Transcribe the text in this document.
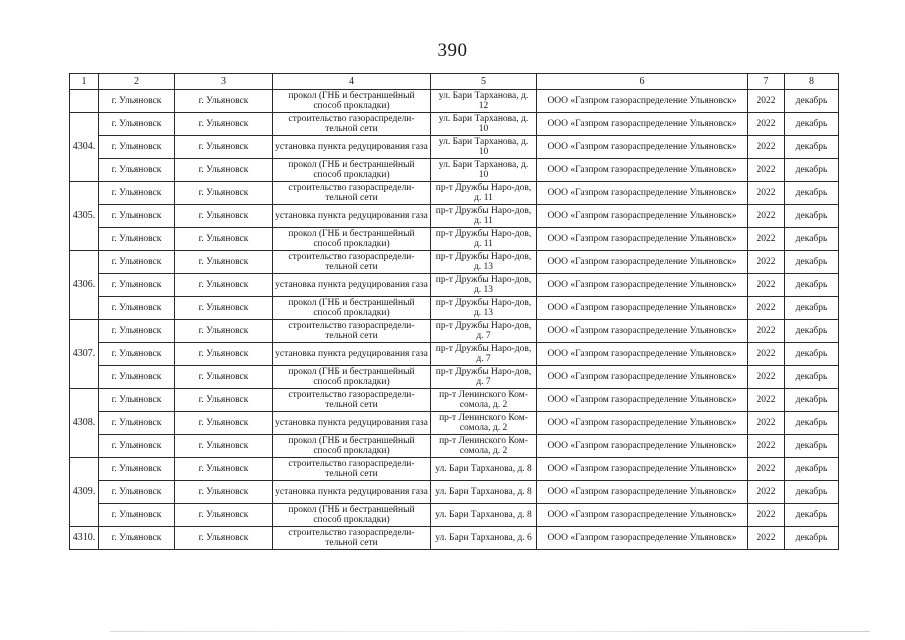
390
1	2	3	4	5	6	7	8
	г. Ульяновск	г. Ульяновск	прокол (ГНБ и бестраншейный способ прокладки)	ул. Бари Тарханова, д. 12	ООО «Газпром газораспределение Ульяновск»	2022	декабрь
4304.	г. Ульяновск	г. Ульяновск	строительство газораспредели-тельной сети	ул. Бари Тарханова, д. 10	ООО «Газпром газораспределение Ульяновск»	2022	декабрь
	г. Ульяновск	г. Ульяновск	установка пункта редуцирования газа	ул. Бари Тарханова, д. 10	ООО «Газпром газораспределение Ульяновск»	2022	декабрь
	г. Ульяновск	г. Ульяновск	прокол (ГНБ и бестраншейный способ прокладки)	ул. Бари Тарханова, д. 10	ООО «Газпром газораспределение Ульяновск»	2022	декабрь
4305.	г. Ульяновск	г. Ульяновск	строительство газораспредели-тельной сети	пр-т Дружбы Наро-дов, д. 11	ООО «Газпром газораспределение Ульяновск»	2022	декабрь
	г. Ульяновск	г. Ульяновск	установка пункта редуцирования газа	пр-т Дружбы Наро-дов, д. 11	ООО «Газпром газораспределение Ульяновск»	2022	декабрь
	г. Ульяновск	г. Ульяновск	прокол (ГНБ и бестраншейный способ прокладки)	пр-т Дружбы Наро-дов, д. 11	ООО «Газпром газораспределение Ульяновск»	2022	декабрь
4306.	г. Ульяновск	г. Ульяновск	строительство газораспредели-тельной сети	пр-т Дружбы Наро-дов, д. 13	ООО «Газпром газораспределение Ульяновск»	2022	декабрь
	г. Ульяновск	г. Ульяновск	установка пункта редуцирования газа	пр-т Дружбы Наро-дов, д. 13	ООО «Газпром газораспределение Ульяновск»	2022	декабрь
	г. Ульяновск	г. Ульяновск	прокол (ГНБ и бестраншейный способ прокладки)	пр-т Дружбы Наро-дов, д. 13	ООО «Газпром газораспределение Ульяновск»	2022	декабрь
4307.	г. Ульяновск	г. Ульяновск	строительство газораспредели-тельной сети	пр-т Дружбы Наро-дов, д. 7	ООО «Газпром газораспределение Ульяновск»	2022	декабрь
	г. Ульяновск	г. Ульяновск	установка пункта редуцирования газа	пр-т Дружбы Наро-дов, д. 7	ООО «Газпром газораспределение Ульяновск»	2022	декабрь
	г. Ульяновск	г. Ульяновск	прокол (ГНБ и бестраншейный способ прокладки)	пр-т Дружбы Наро-дов, д. 7	ООО «Газпром газораспределение Ульяновск»	2022	декабрь
4308.	г. Ульяновск	г. Ульяновск	строительство газораспредели-тельной сети	пр-т Ленинского Ком-сомола, д. 2	ООО «Газпром газораспределение Ульяновск»	2022	декабрь
	г. Ульяновск	г. Ульяновск	установка пункта редуцирования газа	пр-т Ленинского Ком-сомола, д. 2	ООО «Газпром газораспределение Ульяновск»	2022	декабрь
	г. Ульяновск	г. Ульяновск	прокол (ГНБ и бестраншейный способ прокладки)	пр-т Ленинского Ком-сомола, д. 2	ООО «Газпром газораспределение Ульяновск»	2022	декабрь
4309.	г. Ульяновск	г. Ульяновск	строительство газораспредели-тельной сети	ул. Бари Тарханова, д. 8	ООО «Газпром газораспределение Ульяновск»	2022	декабрь
	г. Ульяновск	г. Ульяновск	установка пункта редуцирования газа	ул. Бари Тарханова, д. 8	ООО «Газпром газораспределение Ульяновск»	2022	декабрь
	г. Ульяновск	г. Ульяновск	прокол (ГНБ и бестраншейный способ прокладки)	ул. Бари Тарханова, д. 8	ООО «Газпром газораспределение Ульяновск»	2022	декабрь
4310.	г. Ульяновск	г. Ульяновск	строительство газораспредели-тельной сети	ул. Бари Тарханова, д. 6	ООО «Газпром газораспределение Ульяновск»	2022	декабрь
